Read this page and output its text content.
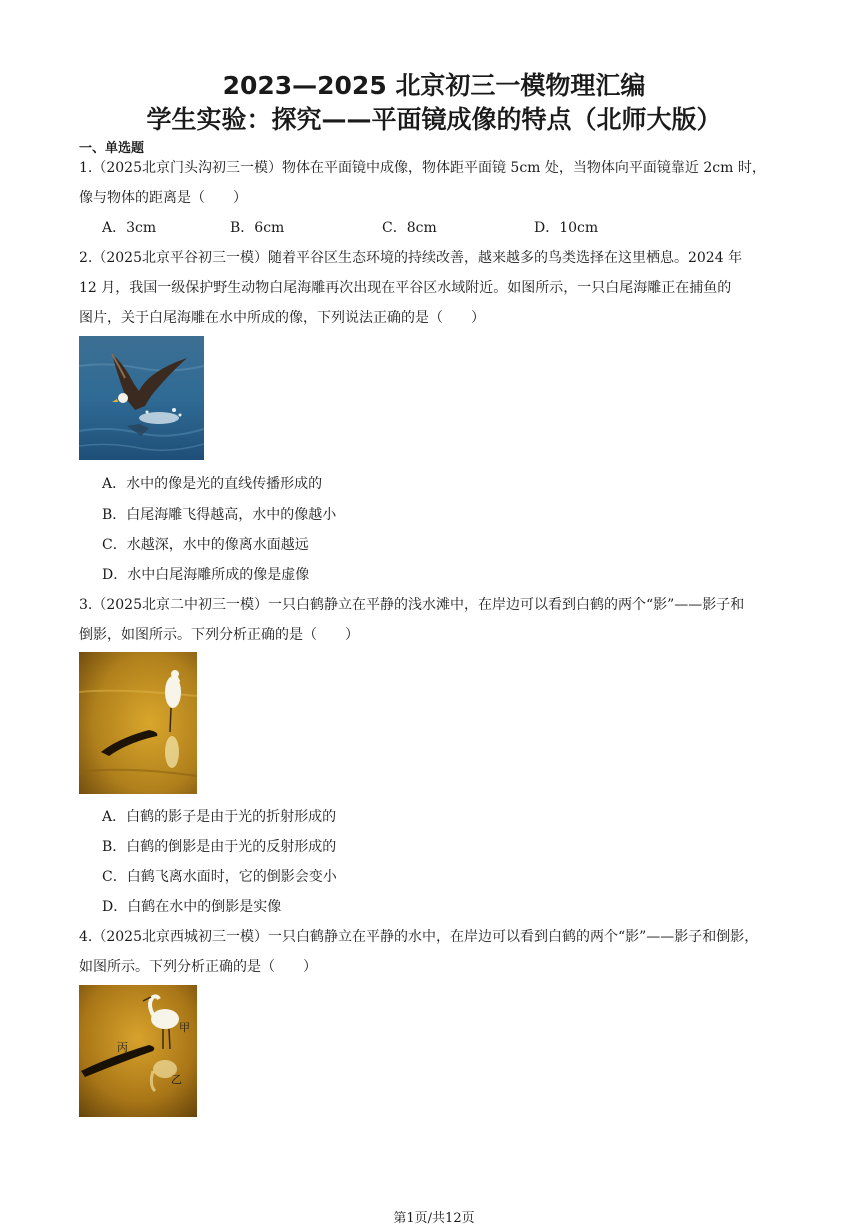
2023—2025 北京初三一模物理汇编
学生实验：探究——平面镜成像的特点（北师大版）
一、单选题
1.（2025北京门头沟初三一模）物体在平面镜中成像，物体距平面镜 5cm 处，当物体向平面镜靠近 2cm 时，
像与物体的距离是（　　）
A．3cm	B．6cm	C．8cm	D．10cm
2.（2025北京平谷初三一模）随着平谷区生态环境的持续改善，越来越多的鸟类选择在这里栖息。2024 年
12 月，我国一级保护野生动物白尾海雕再次出现在平谷区水域附近。如图所示，一只白尾海雕正在捕鱼的
图片，关于白尾海雕在水中所成的像，下列说法正确的是（　　）
A．水中的像是光的直线传播形成的
B．白尾海雕飞得越高，水中的像越小
C．水越深，水中的像离水面越远
D．水中白尾海雕所成的像是虚像
3.（2025北京二中初三一模）一只白鹤静立在平静的浅水滩中，在岸边可以看到白鹤的两个“影”——影子和
倒影，如图所示。下列分析正确的是（　　）
A．白鹤的影子是由于光的折射形成的
B．白鹤的倒影是由于光的反射形成的
C．白鹤飞离水面时，它的倒影会变小
D．白鹤在水中的倒影是实像
4.（2025北京西城初三一模）一只白鹤静立在平静的水中，在岸边可以看到白鹤的两个“影”——影子和倒影，
如图所示。下列分析正确的是（　　）
甲
丙
乙
第1页/共12页
